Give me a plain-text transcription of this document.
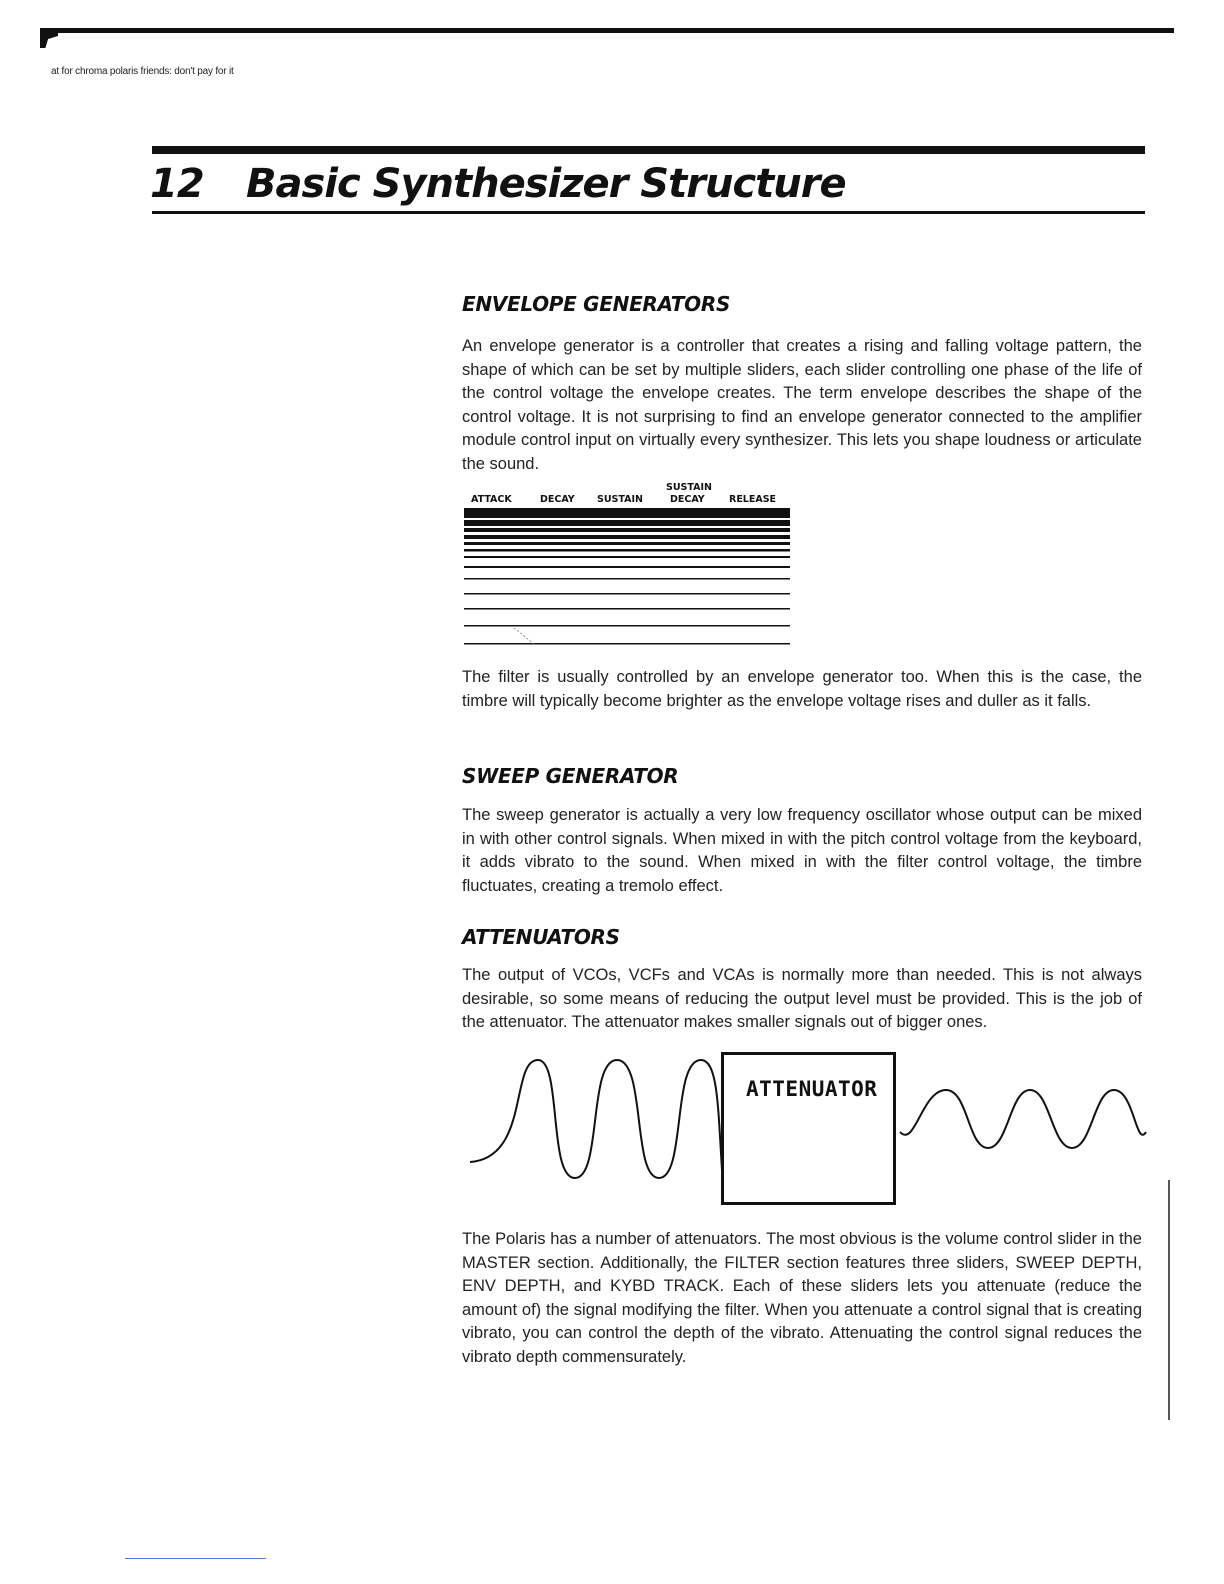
at for chroma polaris friends: don't pay for it
12 Basic Synthesizer Structure
ENVELOPE GENERATORS

An envelope generator is a controller that creates a rising and falling voltage pattern, the shape of which can be set by multiple sliders, each slider controlling one phase of the life of the control voltage the envelope creates. The term envelope describes the shape of the control voltage. It is not surprising to find an envelope generator connected to the amplifier module control input on virtually every synthesizer. This lets you shape loudness or articulate the sound.

ATTACK	DECAY SUSTAIN
SUSTAIN
DECAY	RELEASE

The filter is usually controlled by an envelope generator too. When this is the case, the timbre will typically become brighter as the envelope voltage rises and duller as it falls.

SWEEP GENERATOR

The sweep generator is actually a very low frequency oscillator whose output can be mixed in with other control signals. When mixed in with the pitch control voltage from the keyboard, it adds vibrato to the sound. When mixed in with the filter control voltage, the timbre fluctuates, creating a tremolo effect.

ATTENUATORS

The output of VCOs, VCFs and VCAs is normally more than needed. This is not always desirable, so some means of reducing the output level must be provided. This is the job of the attenuator. The attenuator makes smaller signals out of bigger ones.

ATTENUATOR

The Polaris has a number of attenuators. The most obvious is the volume control slider in the MASTER section. Additionally, the FILTER section features three sliders, SWEEP DEPTH, ENV DEPTH, and KYBD TRACK. Each of these sliders lets you attenuate (reduce the amount of) the signal modifying the filter. When you attenuate a control signal that is creating vibrato, you can control the depth of the vibrato. Attenuating the control signal reduces the vibrato depth commensurately.
